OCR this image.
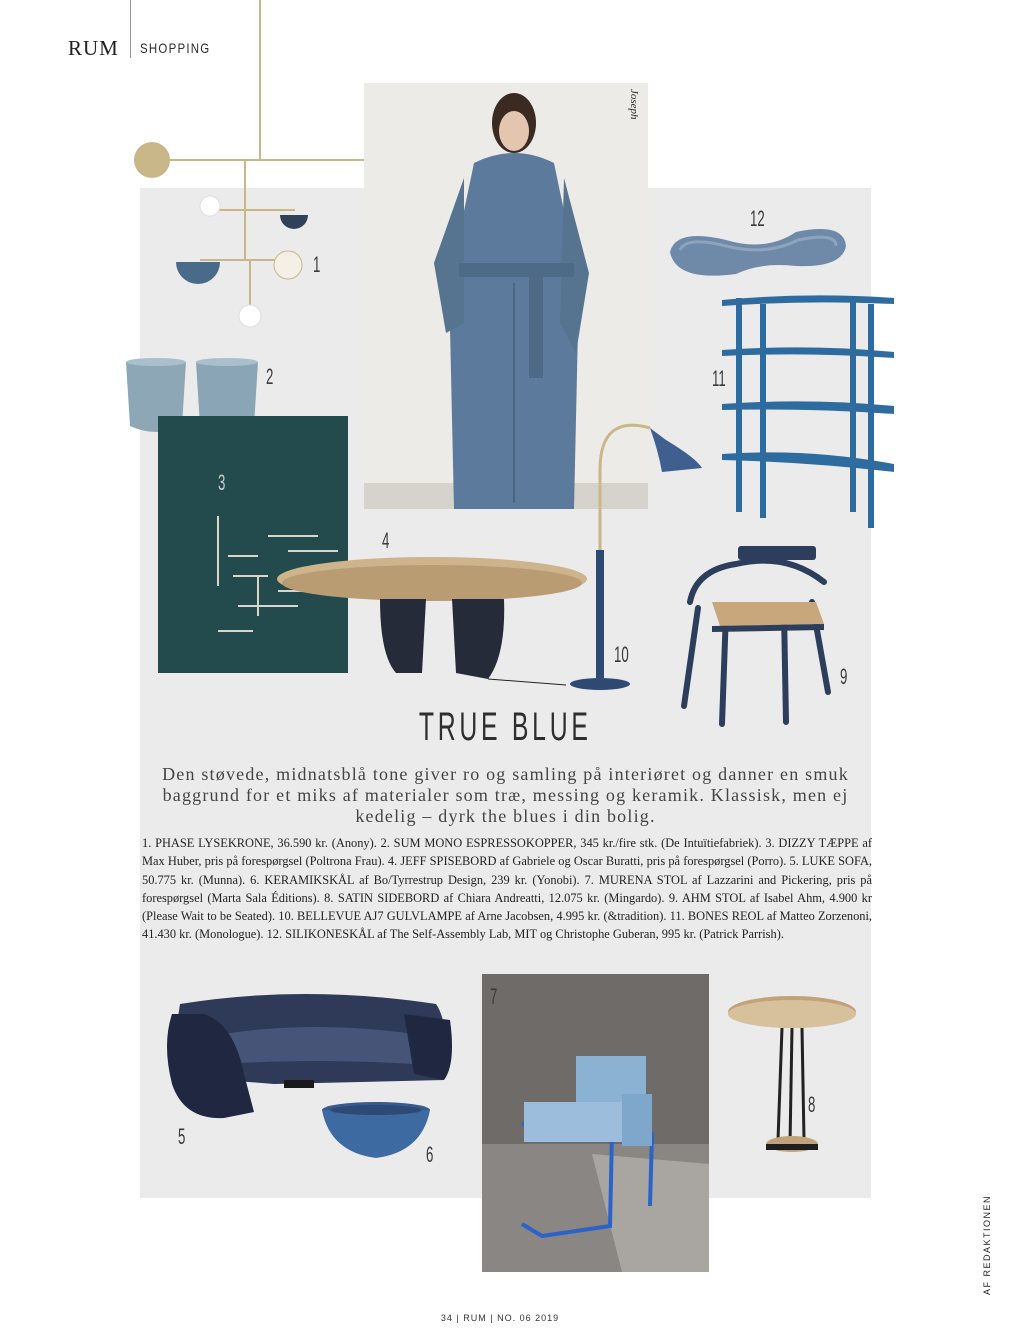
RUM SHOPPING
1
2
3
Joseph
12
11
10
4
9
TRUE BLUE
Den støvede, midnatsblå tone giver ro og samling på interiøret og danner en smuk baggrund for et miks af materialer som træ, messing og keramik. Klassisk, men ej kedelig – dyrk the blues i din bolig.
1. PHASE LYSEKRONE, 36.590 kr. (Anony). 2. SUM MONO ESPRESSOKOPPER, 345 kr./fire stk. (De Intuïtiefabriek). 3. DIZZY TÆPPE af Max Huber, pris på forespørgsel (Poltrona Frau). 4. JEFF SPISEBORD af Gabriele og Oscar Buratti, pris på forespørgsel (Porro). 5. LUKE SOFA, 50.775 kr. (Munna). 6. KERAMIKSKÅL af Bo/Tyrrestrup Design, 239 kr. (Yonobi). 7. MURENA STOL af Lazzarini and Pickering, pris på forespørgsel (Marta Sala Éditions). 8. SATIN SIDEBORD af Chiara Andreatti, 12.075 kr. (Mingardo). 9. AHM STOL af Isabel Ahm, 4.900 kr (Please Wait to be Seated). 10. BELLEVUE AJ7 GULVLAMPE af Arne Jacobsen, 4.995 kr. (&tradition). 11. BONES REOL af Matteo Zorzenoni, 41.430 kr. (Monologue). 12. SILIKONESKÅL af The Self-Assembly Lab, MIT og Christophe Guberan, 995 kr. (Patrick Parrish).
5
6
7
8
34 | RUM | NO. 06 2019
AF REDAKTIONEN
